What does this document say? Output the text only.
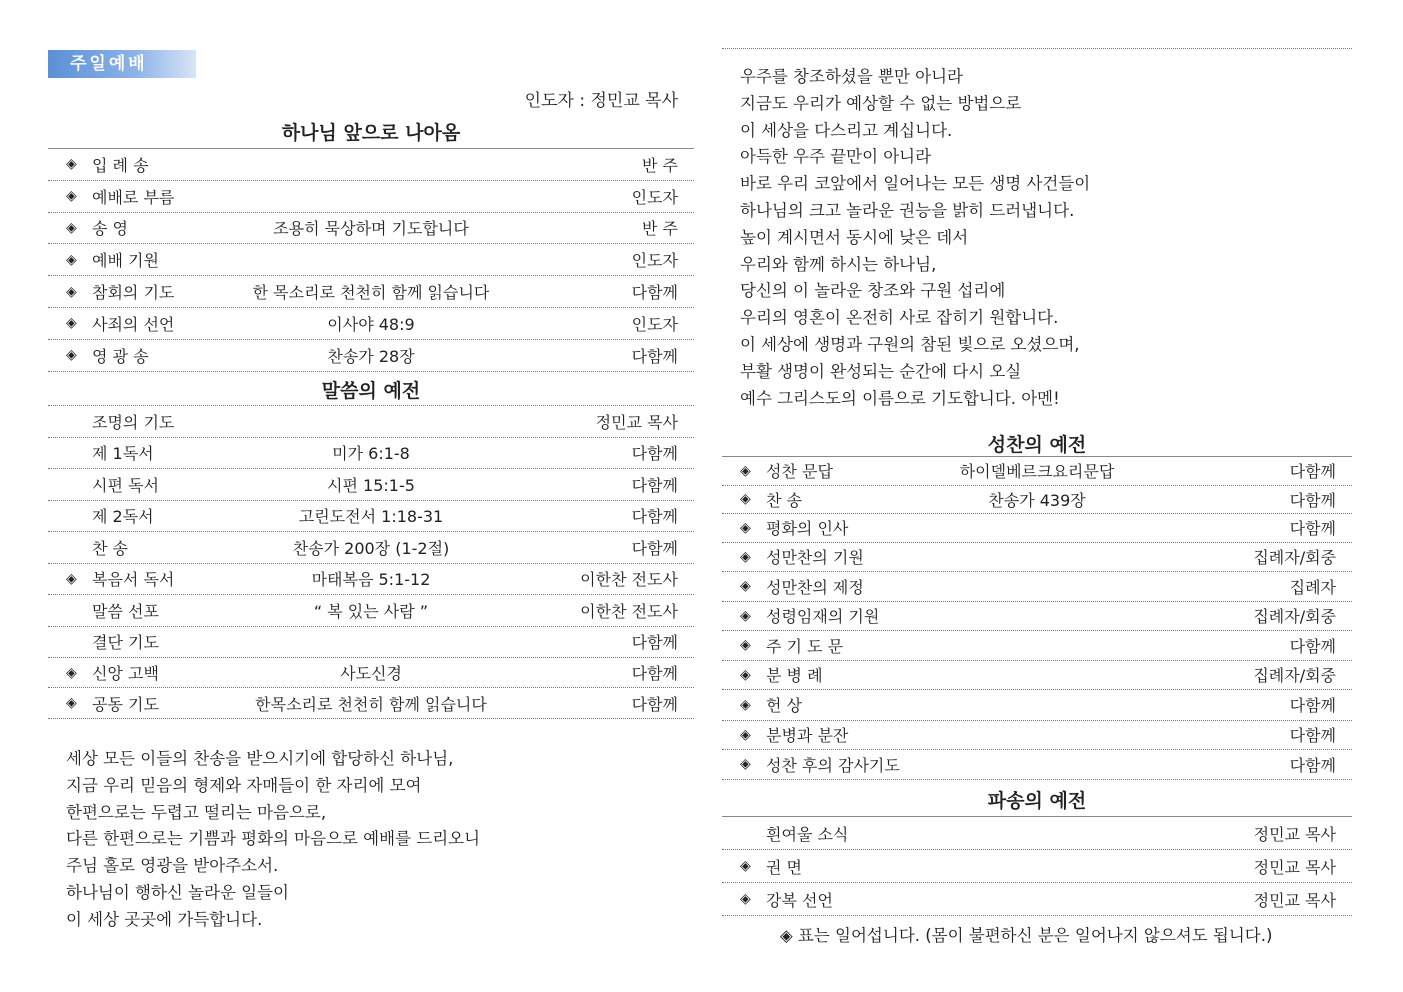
주일예배
인도자 : 정민교 목사
하나님 앞으로 나아옴
◈ 입 례 송	반 주
◈ 예배로 부름	인도자
◈ 송 영	조용히 묵상하며 기도합니다	반 주
◈ 예배 기원	인도자
◈ 참회의 기도	한 목소리로 천천히 함께 읽습니다	다함께
◈ 사죄의 선언	이사야 48:9	인도자
◈ 영 광 송	찬송가 28장	다함께
말씀의 예전
조명의 기도	정민교 목사
제 1독서	미가 6:1-8	다함께
시편 독서	시편 15:1-5	다함께
제 2독서	고린도전서 1:18-31	다함께
찬 송	찬송가 200장 (1-2절)	다함께
◈ 복음서 독서	마태복음 5:1-12	이한찬 전도사
말씀 선포	“ 복 있는 사람 ”	이한찬 전도사
결단 기도	다함께
◈ 신앙 고백	사도신경	다함께
◈ 공동 기도	한목소리로 천천히 함께 읽습니다	다함께
세상 모든 이들의 찬송을 받으시기에 합당하신 하나님,
지금 우리 믿음의 형제와 자매들이 한 자리에 모여
한편으로는 두렵고 떨리는 마음으로,
다른 한편으로는 기쁨과 평화의 마음으로 예배를 드리오니
주님 홀로 영광을 받아주소서.
하나님이 행하신 놀라운 일들이
이 세상 곳곳에 가득합니다.
우주를 창조하셨을 뿐만 아니라
지금도 우리가 예상할 수 없는 방법으로
이 세상을 다스리고 계십니다.
아득한 우주 끝만이 아니라
바로 우리 코앞에서 일어나는 모든 생명 사건들이
하나님의 크고 놀라운 권능을 밝히 드러냅니다.
높이 계시면서 동시에 낮은 데서
우리와 함께 하시는 하나님,
당신의 이 놀라운 창조와 구원 섭리에
우리의 영혼이 온전히 사로 잡히기 원합니다.
이 세상에 생명과 구원의 참된 빛으로 오셨으며,
부활 생명이 완성되는 순간에 다시 오실
예수 그리스도의 이름으로 기도합니다. 아멘!
성찬의 예전
◈ 성찬 문답	하이델베르크요리문답	다함께
◈ 찬 송	찬송가 439장	다함께
◈ 평화의 인사	다함께
◈ 성만찬의 기원	집례자/회중
◈ 성만찬의 제정	집례자
◈ 성령임재의 기원	집례자/회중
◈ 주 기 도 문	다함께
◈ 분 병 례	집례자/회중
◈ 헌 상	다함께
◈ 분병과 분잔	다함께
◈ 성찬 후의 감사기도	다함께
파송의 예전
흰여울 소식	정민교 목사
◈ 권 면	정민교 목사
◈ 강복 선언	정민교 목사
◈ 표는 일어섭니다. (몸이 불편하신 분은 일어나지 않으셔도 됩니다.)
